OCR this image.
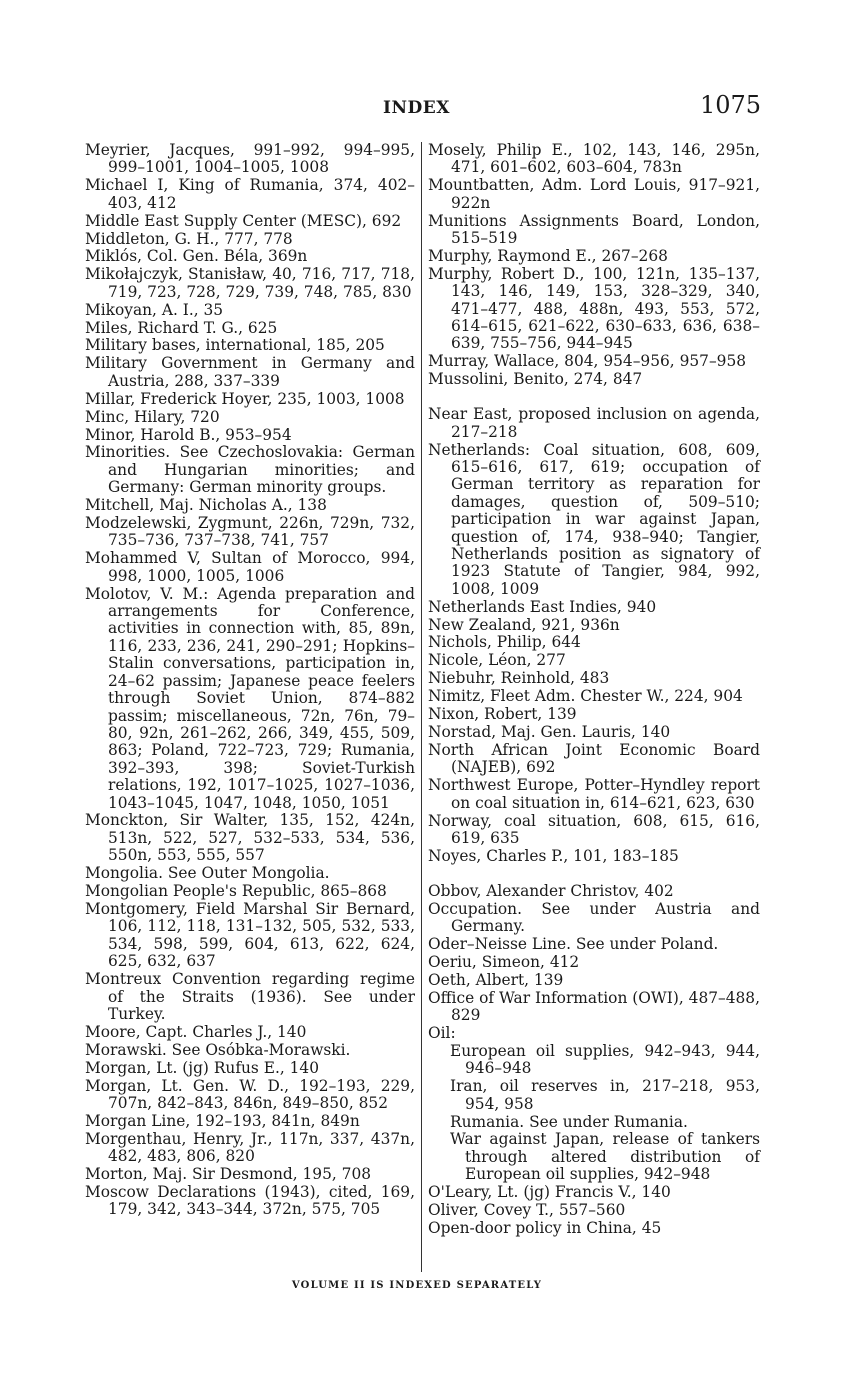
INDEX	1075

Meyrier, Jacques, 991–992, 994–995, 999–1001, 1004–1005, 1008

Michael I, King of Rumania, 374, 402–403, 412

Middle East Supply Center (MESC), 692

Middleton, G. H., 777, 778

Miklós, Col. Gen. Béla, 369n

Mikołajczyk, Stanisław, 40, 716, 717, 718, 719, 723, 728, 729, 739, 748, 785, 830

Mikoyan, A. I., 35

Miles, Richard T. G., 625

Military bases, international, 185, 205

Military Government in Germany and Austria, 288, 337–339

Millar, Frederick Hoyer, 235, 1003, 1008

Minc, Hilary, 720

Minor, Harold B., 953–954

Minorities. See Czechoslovakia: German and Hungarian minorities; and Germany: German minority groups.

Mitchell, Maj. Nicholas A., 138

Modzelewski, Zygmunt, 226n, 729n, 732, 735–736, 737–738, 741, 757

Mohammed V, Sultan of Morocco, 994, 998, 1000, 1005, 1006

Molotov, V. M.: Agenda preparation and arrangements for Conference, activities in connection with, 85, 89n, 116, 233, 236, 241, 290–291; Hopkins–Stalin conversations, participation in, 24–62 passim; Japanese peace feelers through Soviet Union, 874–882 passim; miscellaneous, 72n, 76n, 79–80, 92n, 261–262, 266, 349, 455, 509, 863; Poland, 722–723, 729; Rumania, 392–393, 398; Soviet-Turkish relations, 192, 1017–1025, 1027–1036, 1043–1045, 1047, 1048, 1050, 1051

Monckton, Sir Walter, 135, 152, 424n, 513n, 522, 527, 532–533, 534, 536, 550n, 553, 555, 557

Mongolia. See Outer Mongolia.

Mongolian People's Republic, 865–868

Montgomery, Field Marshal Sir Bernard, 106, 112, 118, 131–132, 505, 532, 533, 534, 598, 599, 604, 613, 622, 624, 625, 632, 637

Montreux Convention regarding regime of the Straits (1936). See under Turkey.

Moore, Capt. Charles J., 140

Morawski. See Osóbka-Morawski.

Morgan, Lt. (jg) Rufus E., 140

Morgan, Lt. Gen. W. D., 192–193, 229, 707n, 842–843, 846n, 849–850, 852

Morgan Line, 192–193, 841n, 849n

Morgenthau, Henry, Jr., 117n, 337, 437n, 482, 483, 806, 820

Morton, Maj. Sir Desmond, 195, 708

Moscow Declarations (1943), cited, 169, 179, 342, 343–344, 372n, 575, 705

Mosely, Philip E., 102, 143, 146, 295n, 471, 601–602, 603–604, 783n

Mountbatten, Adm. Lord Louis, 917–921, 922n

Munitions Assignments Board, London, 515–519

Murphy, Raymond E., 267–268

Murphy, Robert D., 100, 121n, 135–137, 143, 146, 149, 153, 328–329, 340, 471–477, 488, 488n, 493, 553, 572, 614–615, 621–622, 630–633, 636, 638–639, 755–756, 944–945

Murray, Wallace, 804, 954–956, 957–958

Mussolini, Benito, 274, 847

Near East, proposed inclusion on agenda, 217–218

Netherlands: Coal situation, 608, 609, 615–616, 617, 619; occupation of German territory as reparation for damages, question of, 509–510; participation in war against Japan, question of, 174, 938–940; Tangier, Netherlands position as signatory of 1923 Statute of Tangier, 984, 992, 1008, 1009

Netherlands East Indies, 940

New Zealand, 921, 936n

Nichols, Philip, 644

Nicole, Léon, 277

Niebuhr, Reinhold, 483

Nimitz, Fleet Adm. Chester W., 224, 904

Nixon, Robert, 139

Norstad, Maj. Gen. Lauris, 140

North African Joint Economic Board (NAJEB), 692

Northwest Europe, Potter–Hyndley report on coal situation in, 614–621, 623, 630

Norway, coal situation, 608, 615, 616, 619, 635

Noyes, Charles P., 101, 183–185

Obbov, Alexander Christov, 402

Occupation. See under Austria and Germany.

Oder–Neisse Line. See under Poland.

Oeriu, Simeon, 412

Oeth, Albert, 139

Office of War Information (OWI), 487–488, 829

Oil:

European oil supplies, 942–943, 944, 946–948

Iran, oil reserves in, 217–218, 953, 954, 958

Rumania. See under Rumania.

War against Japan, release of tankers through altered distribution of European oil supplies, 942–948

O'Leary, Lt. (jg) Francis V., 140

Oliver, Covey T., 557–560

Open-door policy in China, 45

VOLUME II IS INDEXED SEPARATELY
